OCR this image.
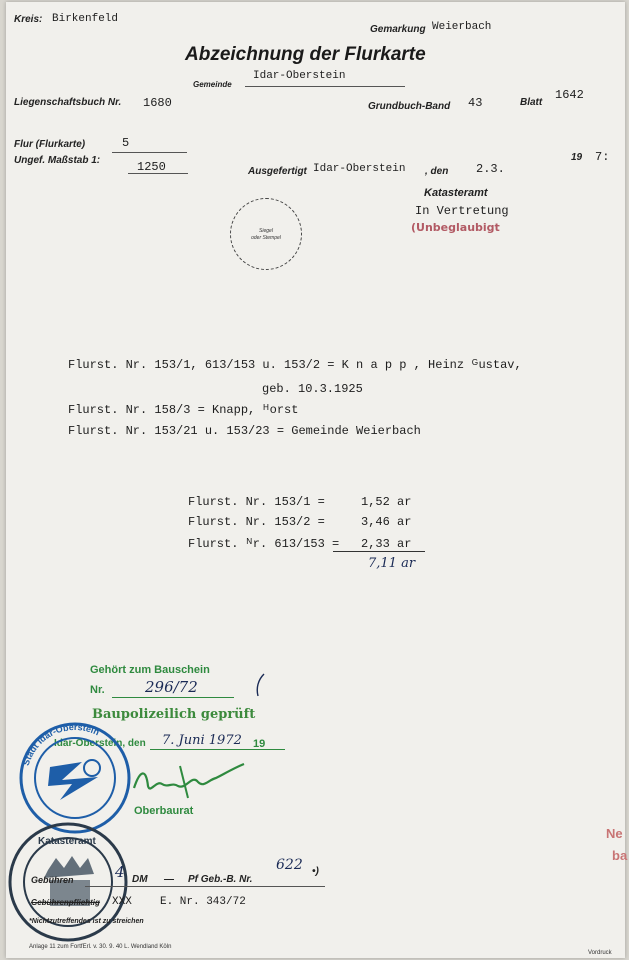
Kreis: Birkenfeld
Gemarkung Weierbach
Abzeichnung der Flurkarte
Gemeinde
Idar-Oberstein
Liegenschaftsbuch Nr. 1680	Grundbuch-Band 43	Blatt
1642
Flur (Flurkarte)	5
Ungef. Maßstab 1:	1250	Ausgefertigt Idar-Oberstein , den 2.3.
19 7:
Katasteramt
In Vertretung
(Unbeglaubigt
Siegel
oder Stempel
Flurst. Nr. 153/1, 613/153 u. 153/2 = K n a p p , Heinz ᴳustav,
geb. 10.3.1925
Flurst. Nr. 158/3 = Knapp, ᴴorst
Flurst. Nr. 153/21 u. 153/23 = Gemeinde Weierbach
Flurst. Nr. 153/1 =	1,52 ar
Flurst. Nr. 153/2 =	3,46 ar
Flurst. ᴺr. 613/153 = 2,33 ar
7,11 ar
Gehört zum Bauschein
Nr.	296/72
Baupolizeilich geprüft
Idar-Oberstein, den 7. Juni 1972 19
Stadt Idar-Oberstein
Oberbaurat
Katasteramt
Gebühren	4 DM — Pf Geb.-B. Nr.
622 •)
Gebührenpflichtig XXX	E. Nr. 343/72
*Nichtzutreffendes ist zu streichen
Anlage 11 zum FortfErl. v. 30. 9. 40 L. Wendland Köln
Vordruck
Ne
ba
